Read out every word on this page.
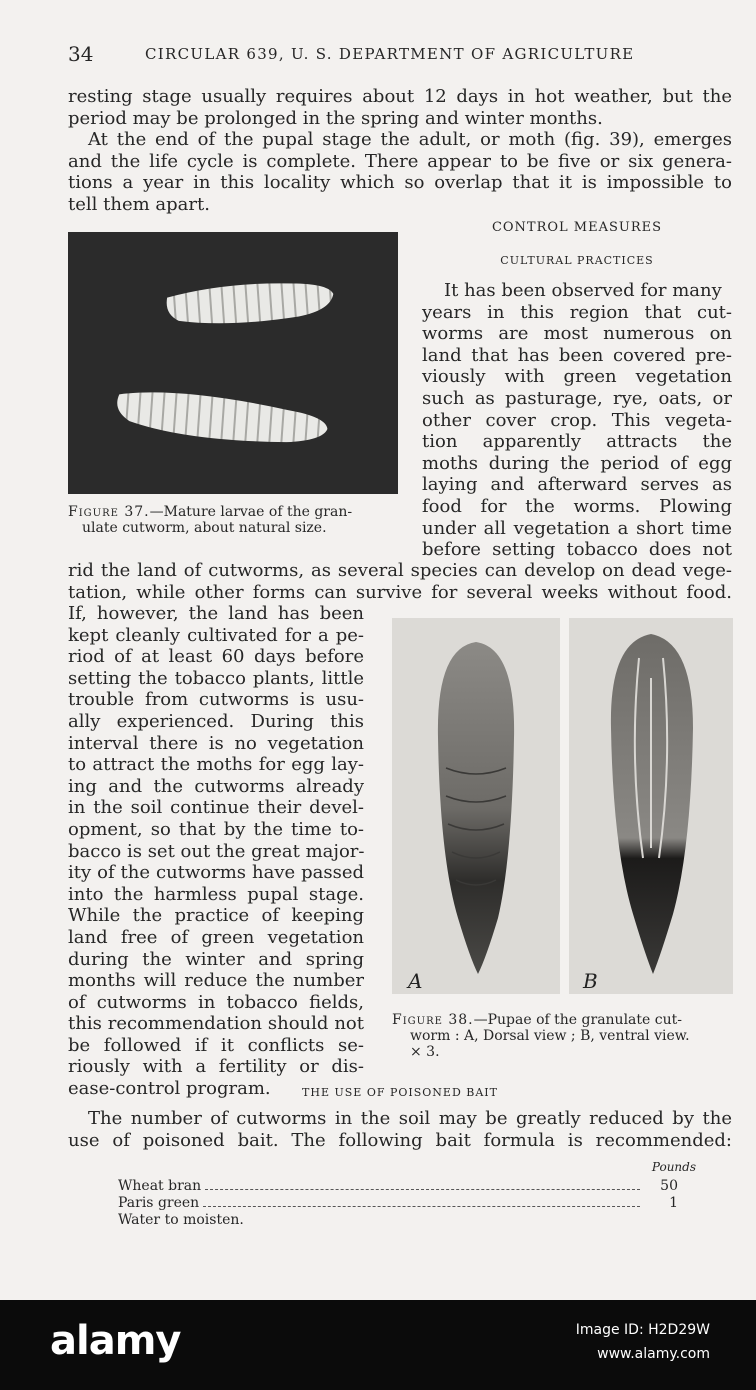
34	CIRCULAR 639, U. S. DEPARTMENT OF AGRICULTURE
resting stage usually requires about 12 days in hot weather, but the
period may be prolonged in the spring and winter months.
At the end of the pupal stage the adult, or moth (fig. 39), emerges
and the life cycle is complete. There appear to be five or six genera-
tions a year in this locality which so overlap that it is impossible to
tell them apart.
Figure 37.—Mature larvae of the gran-
ulate cutworm, about natural size.
CONTROL MEASURES
CULTURAL PRACTICES
It has been observed for many
years in this region that cut-
worms are most numerous on
land that has been covered pre-
viously with green vegetation
such as pasturage, rye, oats, or
other cover crop. This vegeta-
tion apparently attracts the
moths during the period of egg
laying and afterward serves as
food for the worms. Plowing
under all vegetation a short time
before setting tobacco does not
rid the land of cutworms, as several species can develop on dead vege-
tation, while other forms can survive for several weeks without food.
If, however, the land has been
kept cleanly cultivated for a pe-
riod of at least 60 days before
setting the tobacco plants, little
trouble from cutworms is usu-
ally experienced. During this
interval there is no vegetation
to attract the moths for egg lay-
ing and the cutworms already
in the soil continue their devel-
opment, so that by the time to-
bacco is set out the great major-
ity of the cutworms have passed
into the harmless pupal stage.
While the practice of keeping
land free of green vegetation
during the winter and spring
months will reduce the number
of cutworms in tobacco fields,
this recommendation should not
be followed if it conflicts se-
riously with a fertility or dis-
ease-control program.
A	B
Figure 38.—Pupae of the granulate cut-
worm : A, Dorsal view ; B, ventral view.
× 3.
THE USE OF POISONED BAIT
The number of cutworms in the soil may be greatly reduced by the
use of poisoned bait. The following bait formula is recommended:
Pounds
Wheat bran	50
Paris green	1
Water to moisten.
alamy	Image ID: H2D29W
www.alamy.com
